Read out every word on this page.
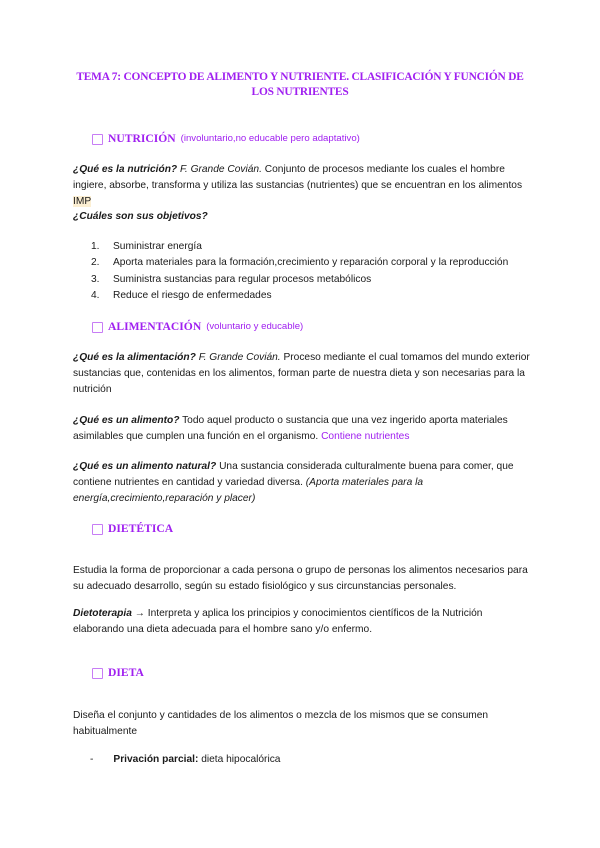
TEMA 7: CONCEPTO DE ALIMENTO Y NUTRIENTE. CLASIFICACIÓN Y FUNCIÓN DE
LOS NUTRIENTES
NUTRICIÓN (involuntario,no educable pero adaptativo)

¿Qué es la nutrición? F. Grande Covián. Conjunto de procesos mediante los cuales el hombre ingiere, absorbe, transforma y utiliza las sustancias (nutrientes) que se encuentran en los alimentos IMP

¿Cuáles son sus objetivos?

1.	Suministrar energía
2.	Aporta materiales para la formación,crecimiento y reparación corporal y la reproducción
3.	Suministra sustancias para regular procesos metabólicos
4.	Reduce el riesgo de enfermedades
ALIMENTACIÓN (voluntario y educable)

¿Qué es la alimentación? F. Grande Covián. Proceso mediante el cual tomamos del mundo exterior sustancias que, contenidas en los alimentos, forman parte de nuestra dieta y son necesarias para la nutrición

¿Qué es un alimento? Todo aquel producto o sustancia que una vez ingerido aporta materiales asimilables que cumplen una función en el organismo. Contiene nutrientes

¿Qué es un alimento natural? Una sustancia considerada culturalmente buena para comer, que contiene nutrientes en cantidad y variedad diversa. (Aporta materiales para la energía,crecimiento,reparación y placer)

DIETÉTICA

Estudia la forma de proporcionar a cada persona o grupo de personas los alimentos necesarios para su adecuado desarrollo, según su estado fisiológico y sus circunstancias personales.

Dietoterapia → Interpreta y aplica los principios y conocimientos científicos de la Nutrición elaborando una dieta adecuada para el hombre sano y/o enfermo.

DIETA

Diseña el conjunto y cantidades de los alimentos o mezcla de los mismos que se consumen habitualmente

- Privación parcial: dieta hipocalórica
